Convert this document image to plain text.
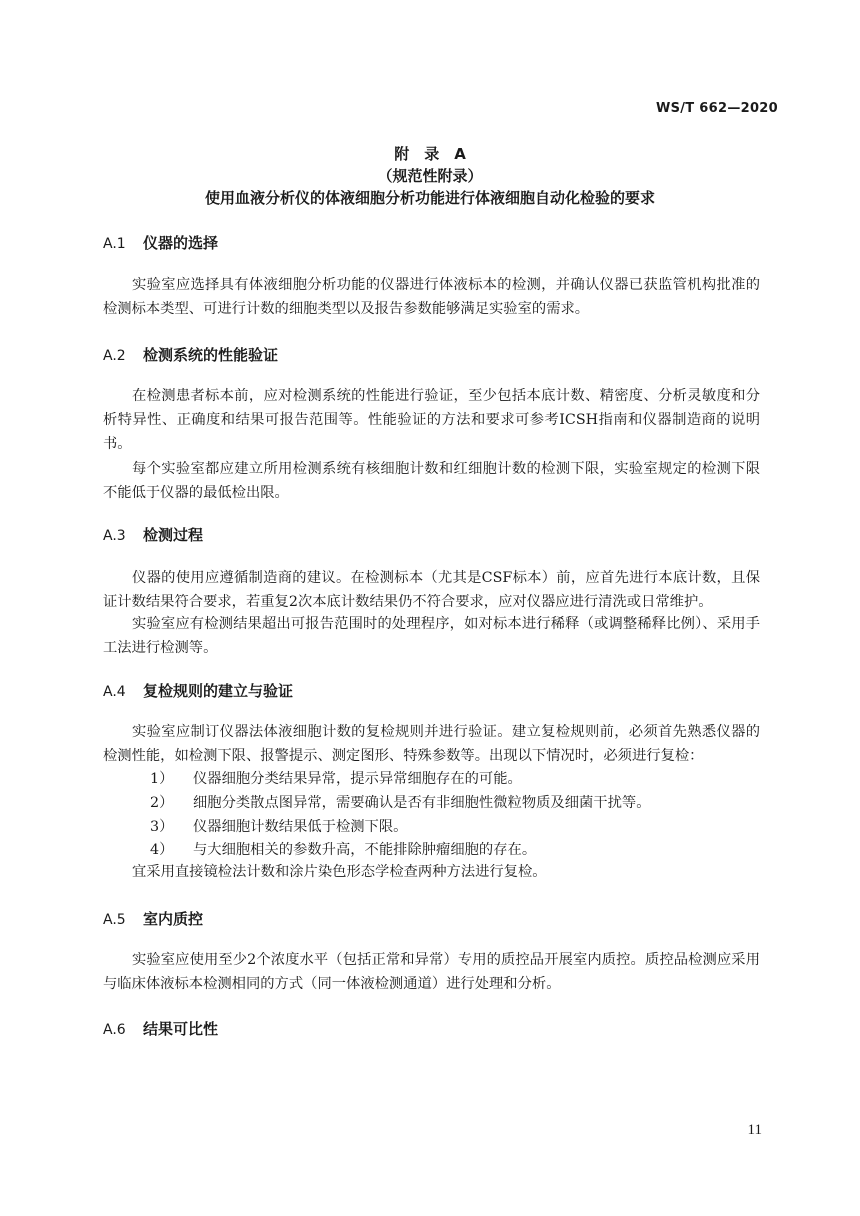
WS/T 662—2020
附　录　A
（规范性附录）
使用血液分析仪的体液细胞分析功能进行体液细胞自动化检验的要求
A.1 仪器的选择
实验室应选择具有体液细胞分析功能的仪器进行体液标本的检测，并确认仪器已获监管机构批准的检测标本类型、可进行计数的细胞类型以及报告参数能够满足实验室的需求。
A.2 检测系统的性能验证
在检测患者标本前，应对检测系统的性能进行验证，至少包括本底计数、精密度、分析灵敏度和分析特异性、正确度和结果可报告范围等。性能验证的方法和要求可参考ICSH指南和仪器制造商的说明书。
每个实验室都应建立所用检测系统有核细胞计数和红细胞计数的检测下限，实验室规定的检测下限不能低于仪器的最低检出限。
A.3 检测过程
仪器的使用应遵循制造商的建议。在检测标本（尤其是CSF标本）前，应首先进行本底计数，且保证计数结果符合要求，若重复2次本底计数结果仍不符合要求，应对仪器应进行清洗或日常维护。
实验室应有检测结果超出可报告范围时的处理程序，如对标本进行稀释（或调整稀释比例）、采用手工法进行检测等。
A.4 复检规则的建立与验证
实验室应制订仪器法体液细胞计数的复检规则并进行验证。建立复检规则前，必须首先熟悉仪器的检测性能，如检测下限、报警提示、测定图形、特殊参数等。出现以下情况时，必须进行复检：
1） 仪器细胞分类结果异常，提示异常细胞存在的可能。
2） 细胞分类散点图异常，需要确认是否有非细胞性微粒物质及细菌干扰等。
3） 仪器细胞计数结果低于检测下限。
4） 与大细胞相关的参数升高，不能排除肿瘤细胞的存在。
宜采用直接镜检法计数和涂片染色形态学检查两种方法进行复检。
A.5 室内质控
实验室应使用至少2个浓度水平（包括正常和异常）专用的质控品开展室内质控。质控品检测应采用与临床体液标本检测相同的方式（同一体液检测通道）进行处理和分析。
A.6 结果可比性
11
